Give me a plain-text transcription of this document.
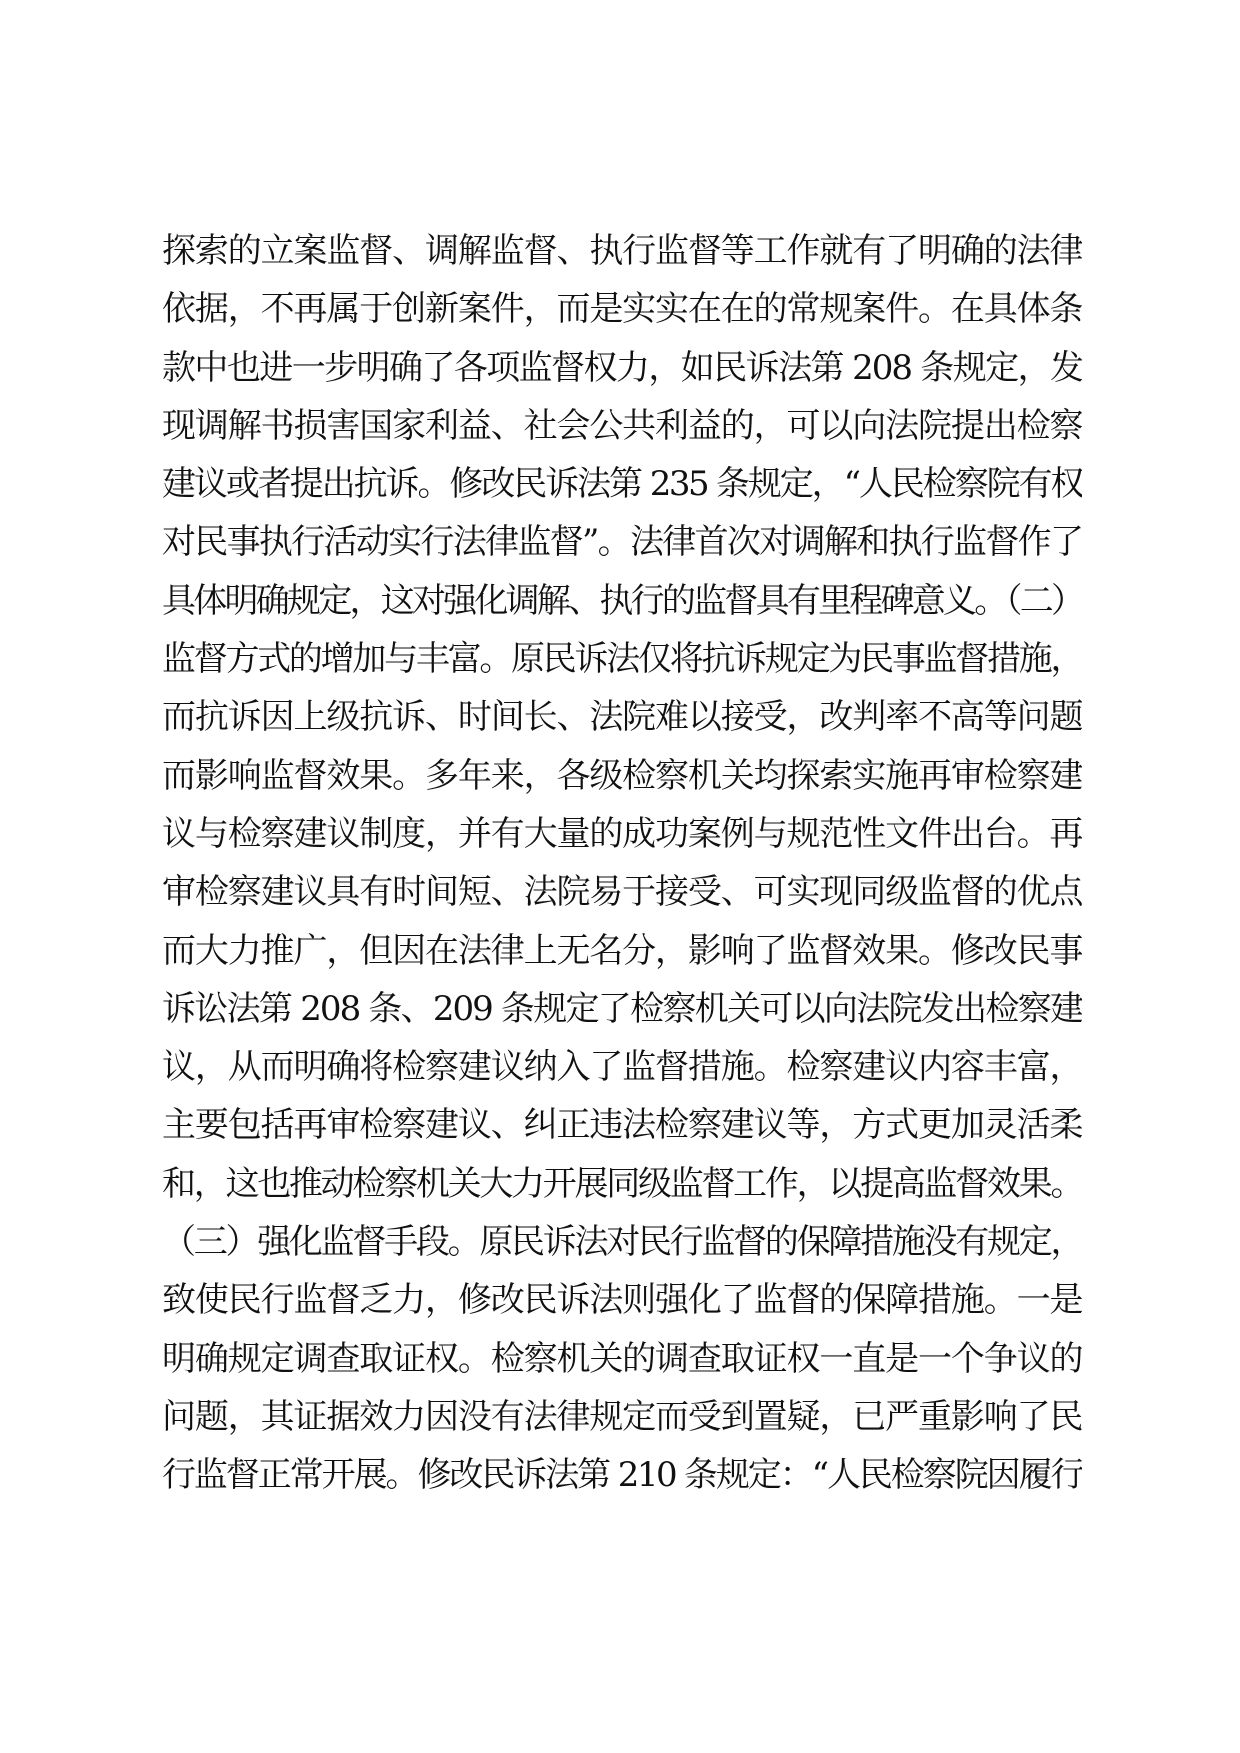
探索的立案监督、调解监督、执行监督等工作就有了明确的法律
依据，不再属于创新案件，而是实实在在的常规案件。在具体条
款中也进一步明确了各项监督权力，如民诉法第 208 条规定，发
现调解书损害国家利益、社会公共利益的，可以向法院提出检察
建议或者提出抗诉。修改民诉法第 235 条规定，“人民检察院有权
对民事执行活动实行法律监督”。法律首次对调解和执行监督作了
具体明确规定，这对强化调解、执行的监督具有里程碑意义。（二）
监督方式的增加与丰富。原民诉法仅将抗诉规定为民事监督措施，
而抗诉因上级抗诉、时间长、法院难以接受，改判率不高等问题
而影响监督效果。多年来，各级检察机关均探索实施再审检察建
议与检察建议制度，并有大量的成功案例与规范性文件出台。再
审检察建议具有时间短、法院易于接受、可实现同级监督的优点
而大力推广，但因在法律上无名分，影响了监督效果。修改民事
诉讼法第 208 条、209 条规定了检察机关可以向法院发出检察建
议，从而明确将检察建议纳入了监督措施。检察建议内容丰富，
主要包括再审检察建议、纠正违法检察建议等，方式更加灵活柔
和，这也推动检察机关大力开展同级监督工作，以提高监督效果。
（三）强化监督手段。原民诉法对民行监督的保障措施没有规定，
致使民行监督乏力，修改民诉法则强化了监督的保障措施。一是
明确规定调查取证权。检察机关的调查取证权一直是一个争议的
问题，其证据效力因没有法律规定而受到置疑，已严重影响了民
行监督正常开展。修改民诉法第 210 条规定：“人民检察院因履行
